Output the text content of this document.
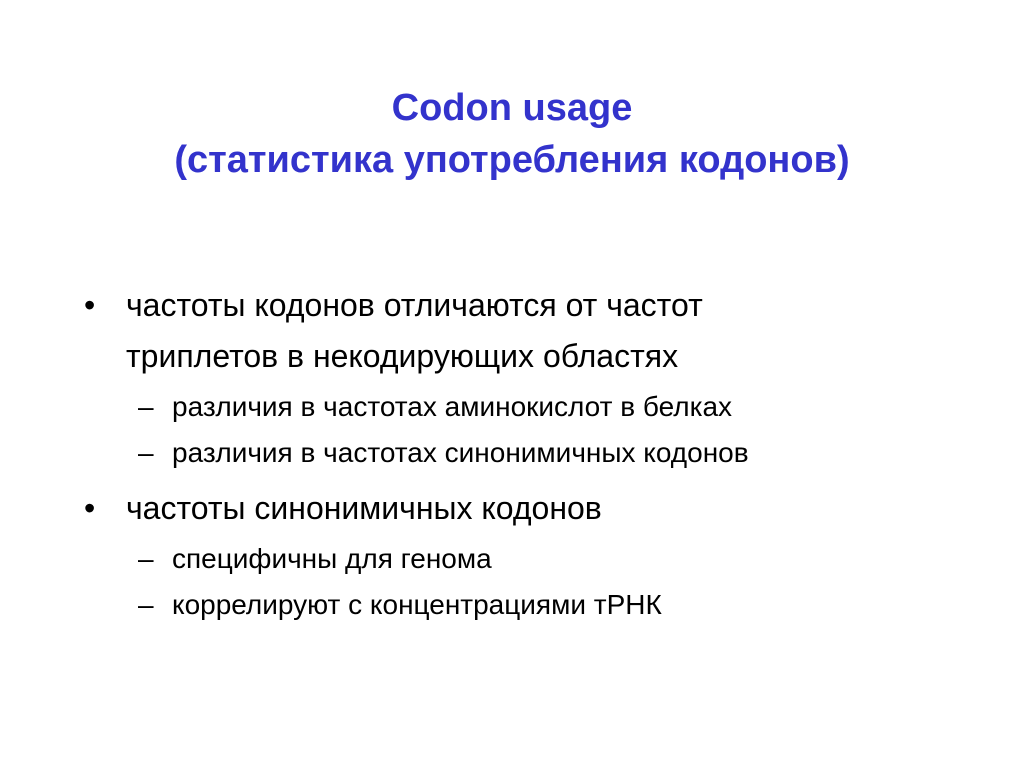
Codon usage
(статистика употребления кодонов)
• частоты кодонов отличаются от частот
триплетов в некодирующих областях
– различия в частотах аминокислот в белках
– различия в частотах синонимичных кодонов
• частоты синонимичных кодонов
– специфичны для генома
– коррелируют с концентрациями тРНК
